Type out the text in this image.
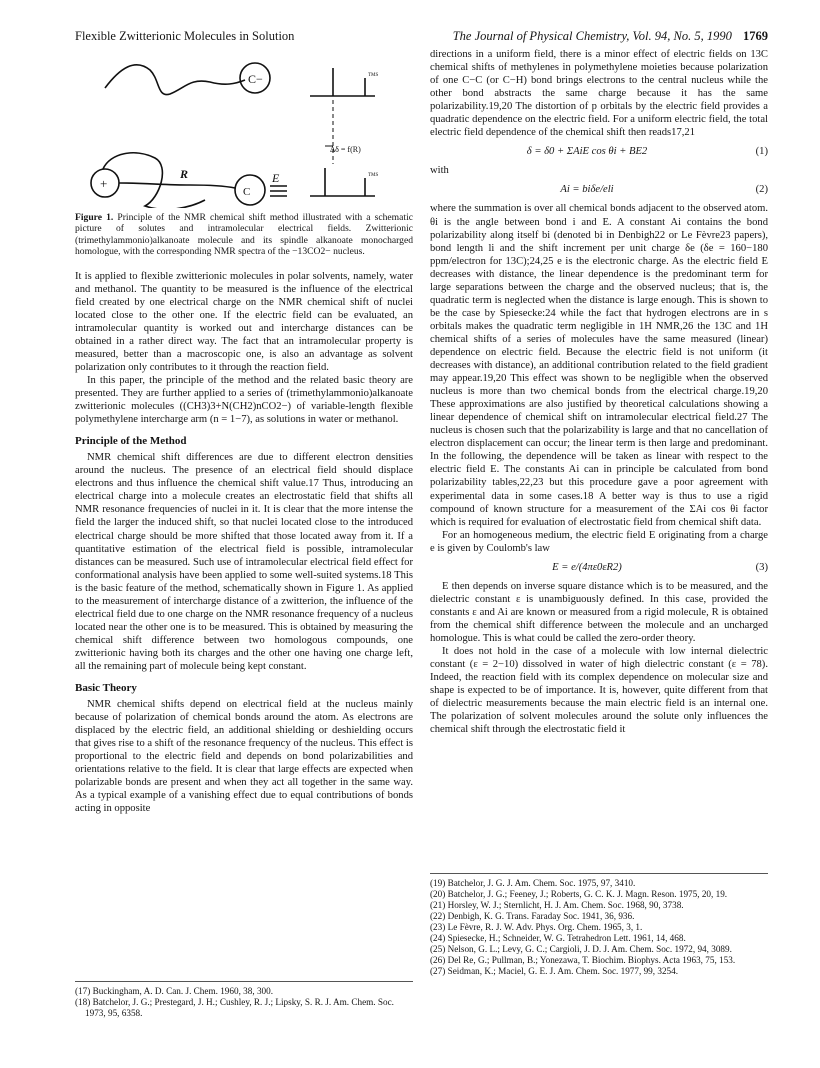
Flexible Zwitterionic Molecules in Solution	The Journal of Physical Chemistry, Vol. 94, No. 5, 1990 1769
C−
+
R
C
E
TMS
TMS
Δδ = f(R)
Figure 1. Principle of the NMR chemical shift method illustrated with a schematic picture of solutes and intramolecular electrical fields. Zwitterionic (trimethylammonio)alkanoate molecule and its spindle alkanoate monocharged homologue, with the corresponding NMR spectra of the −13CO2− nucleus.

It is applied to flexible zwitterionic molecules in polar solvents, namely, water and methanol. The quantity to be measured is the influence of the electrical field created by one electrical charge on the NMR chemical shift of nuclei located close to the other one. If the electric field can be evaluated, an intramolecular quantity is worked out and intercharge distances can be obtained in a rather direct way. The fact that an intramolecular property is measured, better than a macroscopic one, is also an advantage as solvent polarization only contributes to it through the reaction field.

In this paper, the principle of the method and the related basic theory are presented. They are further applied to a series of (trimethylammonio)alkanoate zwitterionic molecules ((CH3)3+N(CH2)nCO2−) of variable-length flexible polymethylene intercharge arm (n = 1−7), as solutions in water or methanol.

Principle of the Method

NMR chemical shift differences are due to different electron densities around the nucleus. The presence of an electrical field should displace electrons and thus influence the chemical shift value.17 Thus, introducing an electrical charge into a molecule creates an electrostatic field that shifts all NMR resonance frequencies of nuclei in it. It is clear that the more intense the field the larger the induced shift, so that nuclei located close to the introduced electrical charge should be more shifted that those located away from it. If a quantitative estimation of the electrical field is possible, intramolecular distances can be measured. Such use of intramolecular electrical field effect for conformational analysis have been applied to some well-suited systems.18 This is the basic feature of the method, schematically shown in Figure 1. As applied to the measurement of intercharge distance of a zwitterion, the influence of the electrical field due to one charge on the NMR resonance frequency of a nucleus located near the other one is to be measured. This is obtained by measuring the chemical shift difference between two homologous compounds, one zwitterionic having both its charges and the other one having one charge left, all the remaining part of molecule being kept constant.

Basic Theory

NMR chemical shifts depend on electrical field at the nucleus mainly because of polarization of chemical bonds around the atom. As electrons are displaced by the electric field, an additional shielding or deshielding occurs that gives rise to a shift of the resonance frequency of the nucleus. This effect is proportional to the electric field and depends on bond polarizabilities and orientations relative to the field. It is clear that large effects are expected when polarizable bonds are present and when they act all together in the same way. As a typical example of a vanishing effect due to equal contributions of bonds acting in opposite

(17) Buckingham, A. D. Can. J. Chem. 1960, 38, 300.
(18) Batchelor, J. G.; Prestegard, J. H.; Cushley, R. J.; Lipsky, S. R. J. Am. Chem. Soc. 1973, 95, 6358.

directions in a uniform field, there is a minor effect of electric fields on 13C chemical shifts of methylenes in polymethylene moieties because polarization of one C−C (or C−H) bond brings electrons to the central nucleus while the other bond abstracts the same charge because it has the same polarizability.19,20 The distortion of p orbitals by the electric field provides a quadratic dependence on the electric field. For a uniform electric field, the total electric field dependence of the chemical shift then reads17,21

δ = δ0 + ΣAiE cos θi + BE2	(1)

with

Ai = biδe/eli	(2)

where the summation is over all chemical bonds adjacent to the observed atom. θi is the angle between bond i and E. A constant Ai contains the bond polarizability along itself bi (denoted bi in Denbigh22 or Le Fèvre23 papers), bond length li and the shift increment per unit charge δe (δe = 160−180 ppm/electron for 13C);24,25 e is the electronic charge. As the electric field E decreases with distance, the linear dependence is the predominant term for large separations between the charge and the observed nucleus; that is, the quadratic term is neglected when the distance is large enough. This is shown to be the case by Spiesecke:24 while the fact that hydrogen electrons are in s orbitals makes the quadratic term negligible in 1H NMR,26 the 13C and 1H chemical shifts of a series of molecules have the same measured (linear) dependence on electric field. Because the electric field is not uniform (it decreases with distance), an additional contribution related to the field gradient may appear.19,20 This effect was shown to be negligible when the observed nucleus is more than two chemical bonds from the electrical charge.19,20 These approximations are also justified by theoretical calculations showing a linear dependence of chemical shift on intramolecular electrical field.27 The nucleus is chosen such that the polarizability is large and that no cancellation of electron displacement can occur; the linear term is then large and predominant. In the following, the dependence will be taken as linear with respect to the electric field E. The constants Ai can in principle be calculated from bond polarizability tables,22,23 but this procedure gave a poor agreement with experimental data in some cases.18 A better way is thus to use a rigid compound of known structure for a measurement of the ΣAi cos θi factor which is required for evaluation of electrostatic field from chemical shift data.

For an homogeneous medium, the electric field E originating from a charge e is given by Coulomb's law

E = e/(4πε0εR2)	(3)

E then depends on inverse square distance which is to be measured, and the dielectric constant ε is unambiguously defined. In this case, provided the constants ε and Ai are known or measured from a rigid molecule, R is obtained from the chemical shift difference between the molecule and an uncharged homologue. This is what could be called the zero-order theory.

It does not hold in the case of a molecule with low internal dielectric constant (ε = 2−10) dissolved in water of high dielectric constant (ε = 78). Indeed, the reaction field with its complex dependence on molecular size and shape is expected to be of importance. It is, however, quite different from that of dielectric measurements because the main electric field is an internal one. The polarization of solvent molecules around the solute only influences the chemical shift through the electrostatic field it

(19) Batchelor, J. G. J. Am. Chem. Soc. 1975, 97, 3410.
(20) Batchelor, J. G.; Feeney, J.; Roberts, G. C. K. J. Magn. Reson. 1975, 20, 19.
(21) Horsley, W. J.; Sternlicht, H. J. Am. Chem. Soc. 1968, 90, 3738.
(22) Denbigh, K. G. Trans. Faraday Soc. 1941, 36, 936.
(23) Le Fèvre, R. J. W. Adv. Phys. Org. Chem. 1965, 3, 1.
(24) Spiesecke, H.; Schneider, W. G. Tetrahedron Lett. 1961, 14, 468.
(25) Nelson, G. L.; Levy, G. C.; Cargioli, J. D. J. Am. Chem. Soc. 1972, 94, 3089.
(26) Del Re, G.; Pullman, B.; Yonezawa, T. Biochim. Biophys. Acta 1963, 75, 153.
(27) Seidman, K.; Maciel, G. E. J. Am. Chem. Soc. 1977, 99, 3254.
